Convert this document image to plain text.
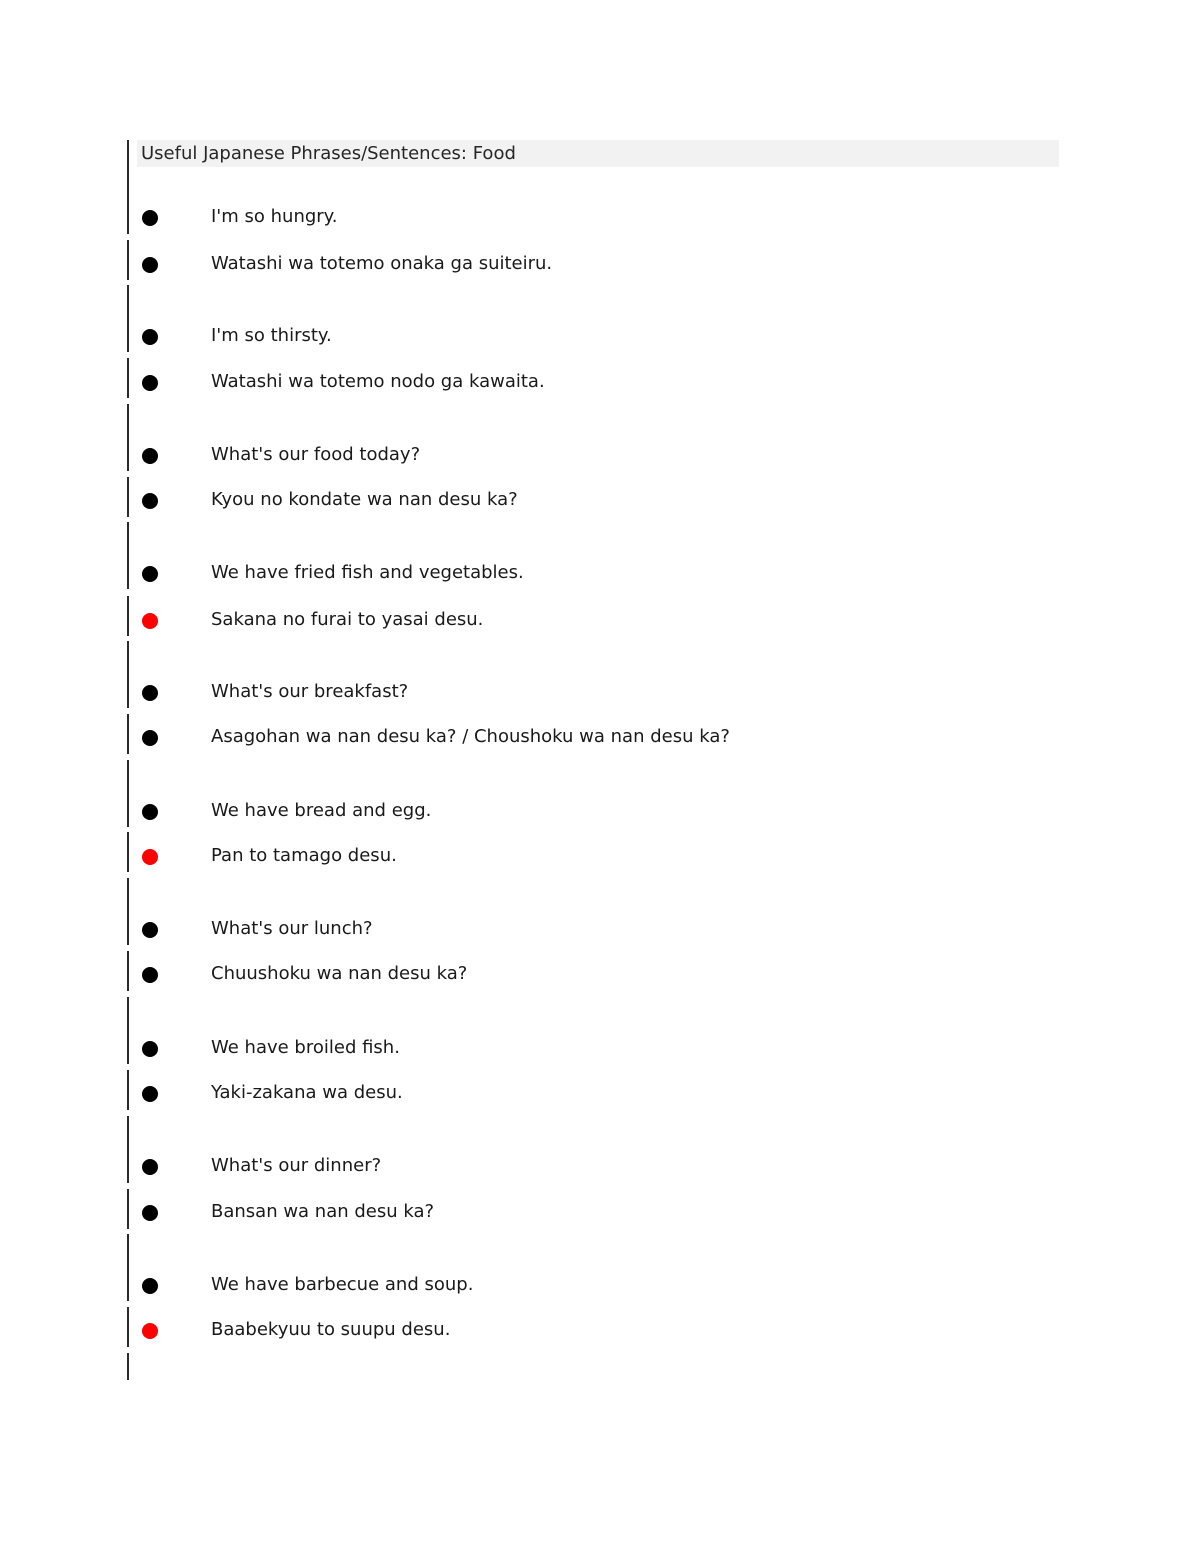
Useful Japanese Phrases/Sentences: Food
I'm so hungry.
Watashi wa totemo onaka ga suiteiru.
I'm so thirsty.
Watashi wa totemo nodo ga kawaita.
What's our food today?
Kyou no kondate wa nan desu ka?
We have fried fish and vegetables.
Sakana no furai to yasai desu.
What's our breakfast?
Asagohan wa nan desu ka? / Choushoku wa nan desu ka?
We have bread and egg.
Pan to tamago desu.
What's our lunch?
Chuushoku wa nan desu ka?
We have broiled fish.
Yaki-zakana wa desu.
What's our dinner?
Bansan wa nan desu ka?
We have barbecue and soup.
Baabekyuu to suupu desu.
